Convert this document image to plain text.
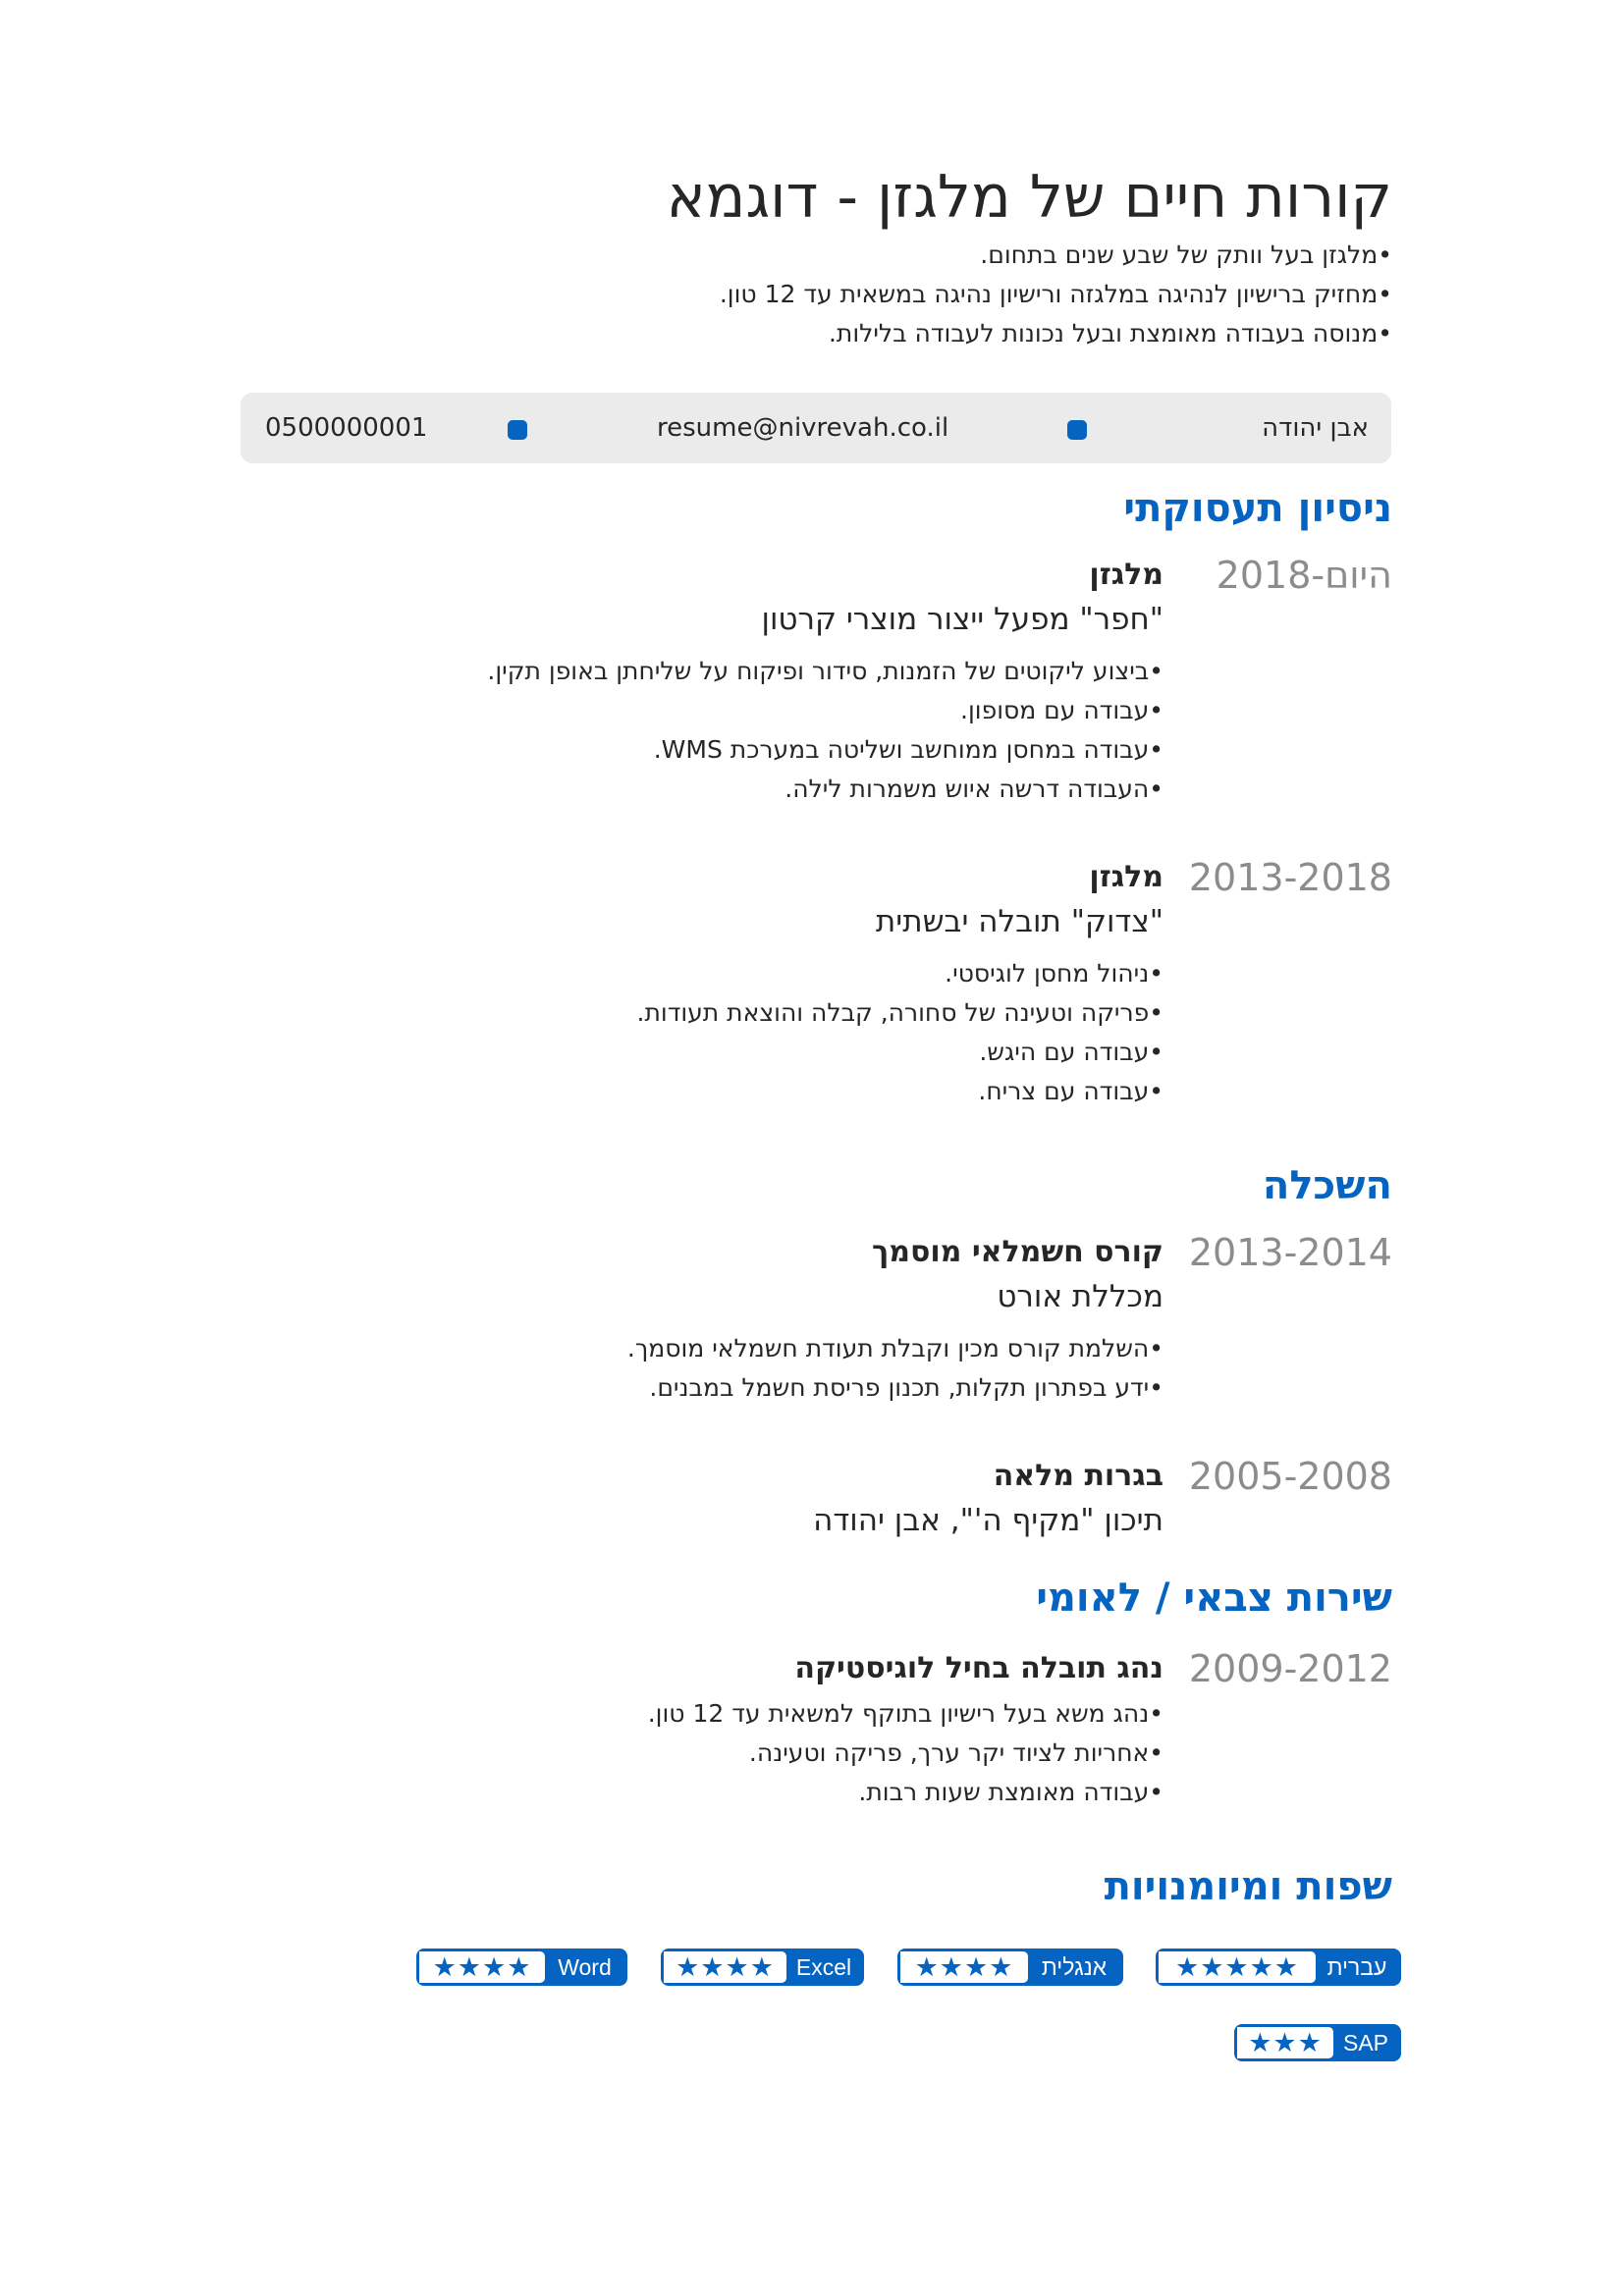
קורות חיים של מלגזן - דוגמא
• מלגזן בעל וותק של שבע שנים בתחום.
• מחזיק ברישיון לנהיגה במלגזה ורישיון נהיגה במשאית עד 12 טון.
• מנוסה בעבודה מאומצת ובעל נכונות לעבודה בלילות.
0500000001	resume@nivrevah.co.il	אבן יהודה
ניסיון תעסוקתי
2018-היום
מלגזן
"חפר" מפעל ייצור מוצרי קרטון
• ביצוע ליקוטים של הזמנות, סידור ופיקוח על שליחתן באופן תקין.
• עבודה עם מסופון.
• עבודה במחסן ממוחשב ושליטה במערכת WMS.
• העבודה דרשה איוש משמרות לילה.
2013-2018
מלגזן
"צדוק" תובלה יבשתית
• ניהול מחסן לוגיסטי.
• פריקה וטעינה של סחורה, קבלה והוצאת תעודות.
• עבודה עם היגש.
• עבודה עם צריח.
השכלה
2013-2014
קורס חשמלאי מוסמך
מכללת אורט
• השלמת קורס מכין וקבלת תעודת חשמלאי מוסמך.
• ידע בפתרון תקלות, תכנון פריסת חשמל במבנים.
2005-2008
בגרות מלאה
תיכון "מקיף ה'", אבן יהודה
שירות צבאי / לאומי
2009-2012
נהג תובלה בחיל לוגיסטיקה
• נהג משא בעל רישיון בתוקף למשאית עד 12 טון.
• אחריות לציוד יקר ערך, פריקה וטעינה.
• עבודה מאומצת שעות רבות.
שפות ומיומנויות
★★★★★	עברית
★★★★	אנגלית
★★★★ Excel
★★★★	Word
★★★ SAP
